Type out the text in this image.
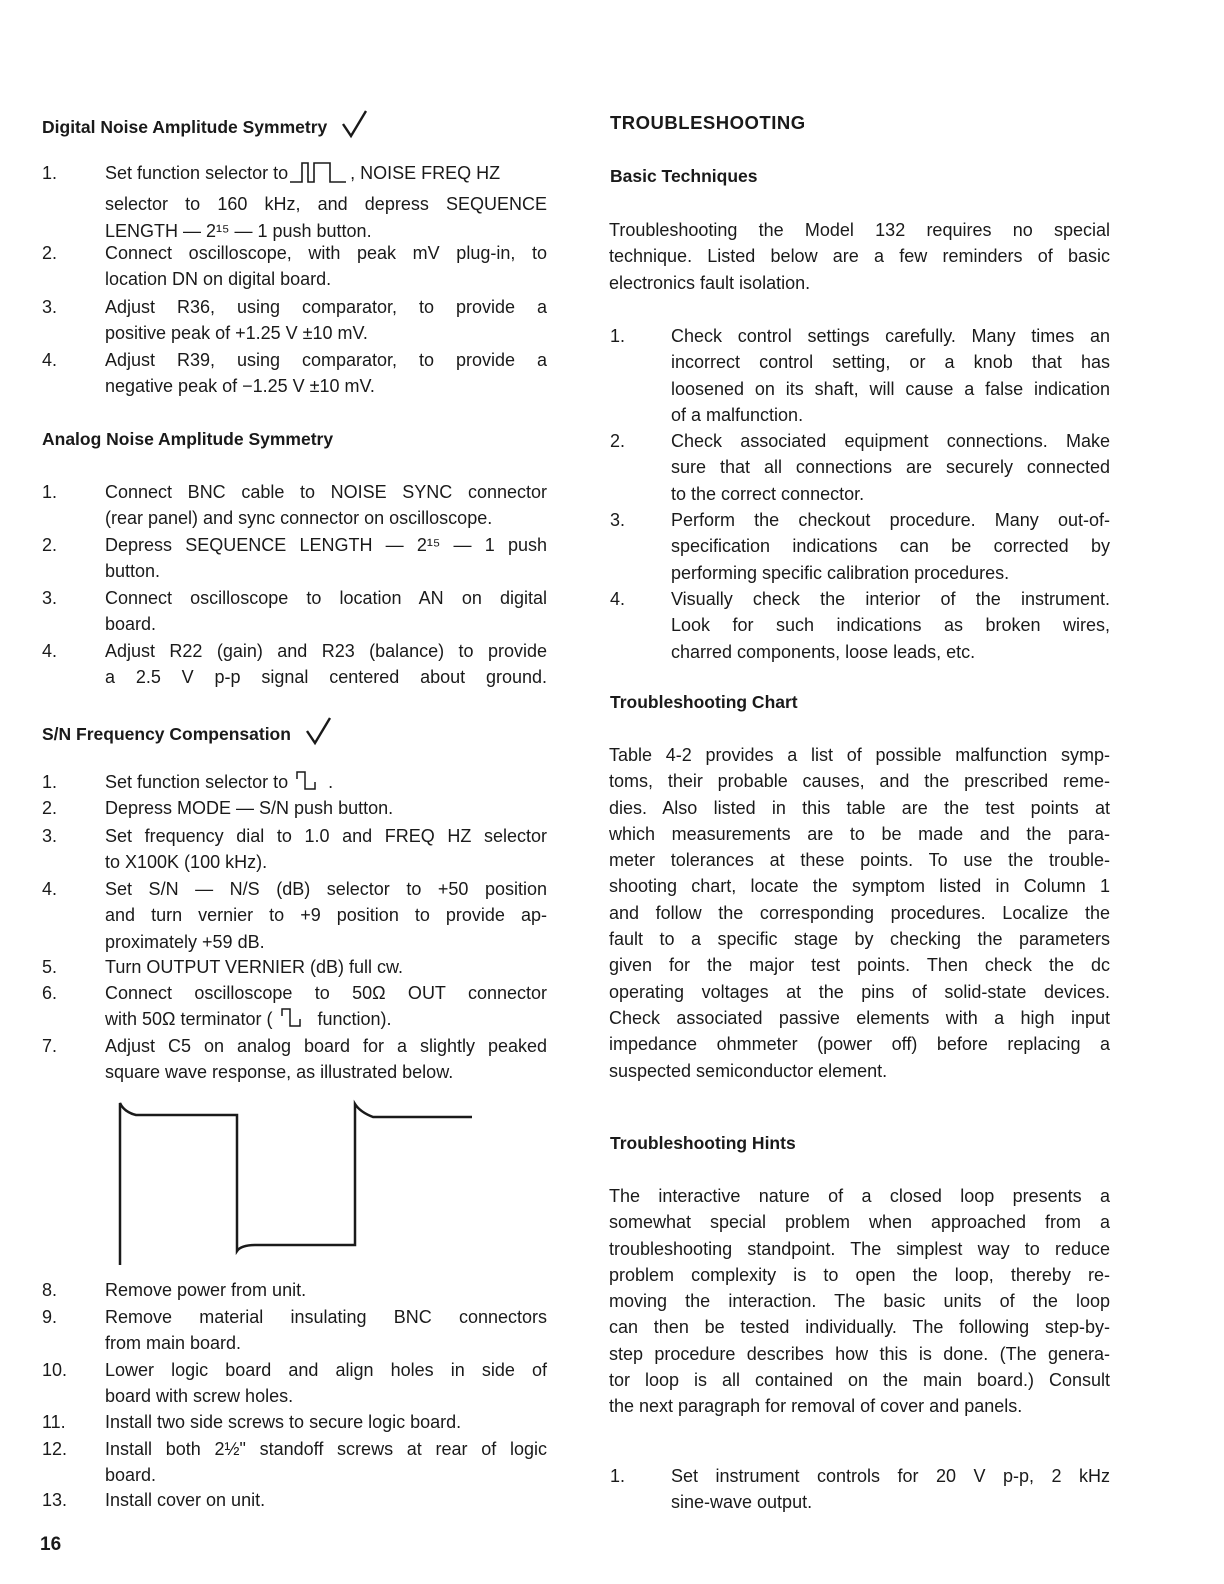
Digital Noise Amplitude Symmetry
1.	Set function selector to	, NOISE FREQ HZ
selector to 160 kHz, and depress SEQUENCE
LENGTH — 2¹⁵ — 1 push button.
2.	Connect oscilloscope, with peak mV plug-in, to
location DN on digital board.
3.	Adjust R36, using comparator, to provide a
positive peak of +1.25 V ±10 mV.
4.	Adjust R39, using comparator, to provide a
negative peak of −1.25 V ±10 mV.
Analog Noise Amplitude Symmetry
1.	Connect BNC cable to NOISE SYNC connector
(rear panel) and sync connector on oscilloscope.
2.	Depress SEQUENCE LENGTH — 2¹⁵ — 1 push
button.
3.	Connect oscilloscope to location AN on digital
board.
4.	Adjust R22 (gain) and R23 (balance) to provide
a 2.5 V p-p signal centered about ground.
S/N Frequency Compensation
1.	Set function selector to .
2.	Depress MODE — S/N push button.
3.	Set frequency dial to 1.0 and FREQ HZ selector
to X100K (100 kHz).
4.	Set S/N — N/S (dB) selector to +50 position
and turn vernier to +9 position to provide ap-
proximately +59 dB.
5.	Turn OUTPUT VERNIER (dB) full cw.
6.	Connect oscilloscope to 50Ω OUT connector
with 50Ω terminator ( function).
7.	Adjust C5 on analog board for a slightly peaked
square wave response, as illustrated below.
8.	Remove power from unit.
9.	Remove material insulating BNC connectors
from main board.
10. Lower logic board and align holes in side of
board with screw holes.
11. Install two side screws to secure logic board.
12. Install both 2½" standoff screws at rear of logic
board.
13. Install cover on unit.
TROUBLESHOOTING
Basic Techniques
Troubleshooting the Model 132 requires no special
technique. Listed below are a few reminders of basic
electronics fault isolation.
1.	Check control settings carefully. Many times an
incorrect control setting, or a knob that has
loosened on its shaft, will cause a false indication
of a malfunction.
2.	Check associated equipment connections. Make
sure that all connections are securely connected
to the correct connector.
3.	Perform the checkout procedure. Many out-of-
specification indications can be corrected by
performing specific calibration procedures.
4.	Visually check the interior of the instrument.
Look for such indications as broken wires,
charred components, loose leads, etc.
Troubleshooting Chart
Table 4-2 provides a list of possible malfunction symp-
toms, their probable causes, and the prescribed reme-
dies. Also listed in this table are the test points at
which measurements are to be made and the para-
meter tolerances at these points. To use the trouble-
shooting chart, locate the symptom listed in Column 1
and follow the corresponding procedures. Localize the
fault to a specific stage by checking the parameters
given for the major test points. Then check the dc
operating voltages at the pins of solid-state devices.
Check associated passive elements with a high input
impedance ohmmeter (power off) before replacing a
suspected semiconductor element.
Troubleshooting Hints
The interactive nature of a closed loop presents a
somewhat special problem when approached from a
troubleshooting standpoint. The simplest way to reduce
problem complexity is to open the loop, thereby re-
moving the interaction. The basic units of the loop
can then be tested individually. The following step-by-
step procedure describes how this is done. (The genera-
tor loop is all contained on the main board.) Consult
the next paragraph for removal of cover and panels.
1.	Set instrument controls for 20 V p-p, 2 kHz
sine-wave output.
16
